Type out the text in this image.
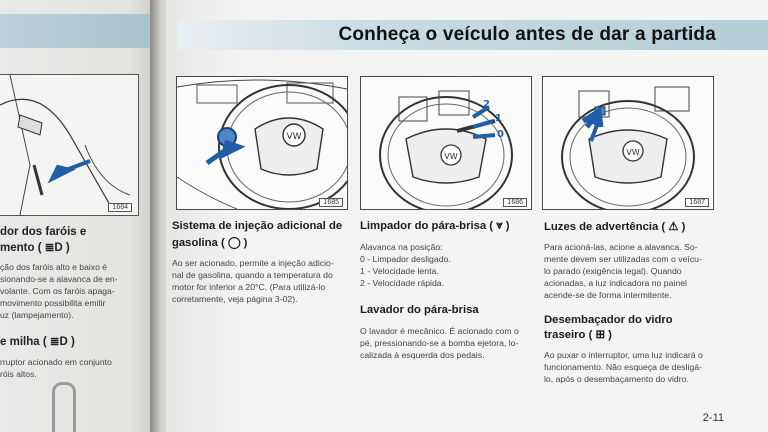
1684
dor dos faróis e
mento ( ≣D )
ção dos faróis alto e baixo é
sionando-se a alavanca de en-
volante. Com os faróis apaga-
movimento possibilita emitir
uz (lampejamento).
e milha ( ≣D )
rruptor acionado em conjunto
róis altos.
Conheça o veículo antes de dar a partida
VW
1685
VW
2
1
0
1686
VW
1687
Sistema de injeção adicional de
gasolina ( ◯ )
Ao ser acionado, permite a injeção adicio-
nal de gasolina, quando a temperatura do
motor for inferior a 20°C. (Para utilizá-lo
corretamente, veja página 3-02).
Limpador do pára-brisa ( ⩔ )
Alavanca na posição:
0 - Limpador desligado.
1 - Velocidade lenta.
2 - Velocidade rápida.
Lavador do pára-brisa
O lavador é mecânico. É acionado com o
pé, pressionando-se a bomba ejetora, lo-
calizada à esquerda dos pedais.
Luzes de advertência ( ⚠ )
Para acioná-las, acione a alavanca. So-
mente devem ser utilizadas com o veícu-
lo parado (exigência legal). Quando
acionadas, a luz indicadora no painel
acende-se de forma intermitente.
Desembaçador do vidro
traseiro ( ⊞ )
Ao puxar o interruptor, uma luz indicará o
funcionamento. Não esqueça de desligá-
lo, após o desembaçamento do vidro.
2-11
